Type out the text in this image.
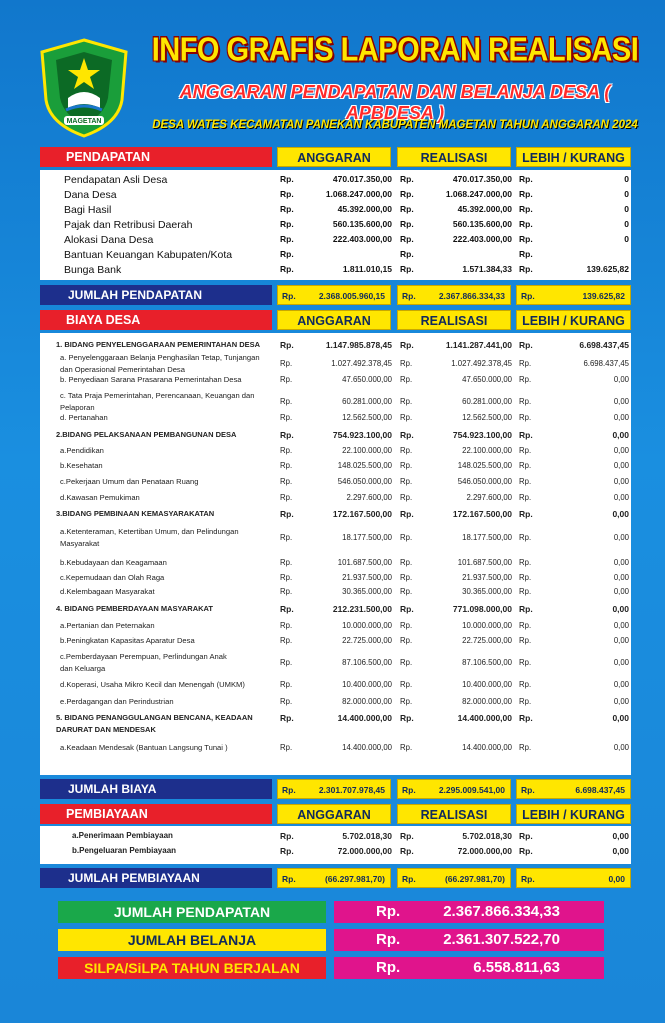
MAGETAN
INFO GRAFIS LAPORAN REALISASI
ANGGARAN PENDAPATAN DAN BELANJA DESA ( APBDESA )
DESA WATES KECAMATAN PANEKAN KABUPATEN MAGETAN TAHUN ANGGARAN 2024
PENDAPATAN	ANGGARAN	REALISASI	LEBIH / KURANG
Pendapatan Asli Desa	Rp.	470.017.350,00 Rp.	470.017.350,00 Rp.	0
Dana Desa	Rp.	1.068.247.000,00 Rp.	1.068.247.000,00 Rp.	0
Bagi Hasil	Rp.	45.392.000,00 Rp.	45.392.000,00 Rp.	0
Pajak dan Retribusi Daerah	Rp.	560.135.600,00 Rp.	560.135.600,00 Rp.	0
Alokasi Dana Desa	Rp.	222.403.000,00 Rp.	222.403.000,00 Rp.	0
Bantuan Keuangan Kabupaten/Kota	Rp.	Rp.	Rp.
Bunga Bank	Rp.	1.811.010,15 Rp.	1.571.384,33 Rp.	139.625,82
JUMLAH PENDAPATAN	Rp.	2.368.005.960,15 Rp.	2.367.866.334,33 Rp.	139.625,82
BIAYA DESA	ANGGARAN	REALISASI	LEBIH / KURANG
1. BIDANG PENYELENGGARAAN PEMERINTAHAN DESA	Rp.	1.147.985.878,45 Rp.	1.141.287.441,00 Rp.	6.698.437,45
a. Penyelenggaraan Belanja Penghasilan Tetap, Tunjangan
dan Operasional Pemerintahan Desa
Rp.	1.027.492.378,45 Rp.	1.027.492.378,45 Rp.	6.698.437,45
b. Penyediaan Sarana Prasarana Pemerintahan Desa	Rp.	47.650.000,00 Rp.	47.650.000,00 Rp.	0,00
c. Tata Praja Pemerintahan, Perencanaan, Keuangan dan
Pelaporan
Rp.	60.281.000,00 Rp.	60.281.000,00 Rp.	0,00
d. Pertanahan	Rp.	12.562.500,00 Rp.	12.562.500,00 Rp.	0,00
2.BIDANG PELAKSANAAN PEMBANGUNAN DESA	Rp.	754.923.100,00 Rp.	754.923.100,00 Rp.	0,00
a.Pendidikan	Rp.	22.100.000,00 Rp.	22.100.000,00 Rp.	0,00
b.Kesehatan	Rp.	148.025.500,00 Rp.	148.025.500,00 Rp.	0,00
c.Pekerjaan Umum dan Penataan Ruang	Rp.	546.050.000,00 Rp.	546.050.000,00 Rp.	0,00
d.Kawasan Pemukiman	Rp.	2.297.600,00 Rp.	2.297.600,00 Rp.	0,00
3.BIDANG PEMBINAAN KEMASYARAKATAN	Rp.	172.167.500,00 Rp.	172.167.500,00 Rp.	0,00
a.Ketenteraman, Ketertiban Umum, dan Pelindungan
Masyarakat
Rp.	18.177.500,00 Rp.	18.177.500,00 Rp.	0,00
b.Kebudayaan dan Keagamaan	Rp.	101.687.500,00 Rp.	101.687.500,00 Rp.	0,00
c.Kepemudaan dan Olah Raga	Rp.	21.937.500,00 Rp.	21.937.500,00 Rp.	0,00
d.Kelembagaan Masyarakat	Rp.	30.365.000,00 Rp.	30.365.000,00 Rp.	0,00
4. BIDANG PEMBERDAYAAN MASYARAKAT	Rp.	212.231.500,00 Rp.	771.098.000,00 Rp.	0,00
a.Pertanian dan Peternakan	Rp.	10.000.000,00 Rp.	10.000.000,00 Rp.	0,00
b.Peningkatan Kapasitas Aparatur Desa	Rp.	22.725.000,00 Rp.	22.725.000,00 Rp.	0,00
c.Pemberdayaan Perempuan, Perlindungan Anak
dan Keluarga
Rp.	87.106.500,00 Rp.	87.106.500,00 Rp.	0,00
d.Koperasi, Usaha Mikro Kecil dan Menengah (UMKM)	Rp.	10.400.000,00 Rp.	10.400.000,00 Rp.	0,00
e.Perdagangan dan Perindustrian	Rp.	82.000.000,00 Rp.	82.000.000,00 Rp.	0,00
5. BIDANG PENANGGULANGAN BENCANA, KEADAAN
DARURAT DAN MENDESAK
Rp.	14.400.000,00 Rp.	14.400.000,00 Rp.	0,00
a.Keadaan Mendesak (Bantuan Langsung Tunai )	Rp.	14.400.000,00 Rp.	14.400.000,00 Rp.	0,00
JUMLAH BIAYA	Rp.	2.301.707.978,45 Rp.	2.295.009.541,00 Rp.	6.698.437,45
PEMBIAYAAN	ANGGARAN	REALISASI	LEBIH / KURANG
a.Penerimaan Pembiayaan	Rp.	5.702.018,30 Rp.	5.702.018,30 Rp.	0,00
b.Pengeluaran Pembiayaan	Rp.	72.000.000,00 Rp.	72.000.000,00 Rp.	0,00
JUMLAH PEMBIAYAAN	Rp.	(66.297.981,70) Rp.	(66.297.981,70) Rp.	0,00
JUMLAH PENDAPATAN	Rp.	2.367.866.334,33
JUMLAH BELANJA	Rp.	2.361.307.522,70
SILPA/SiLPA TAHUN BERJALAN	Rp.	6.558.811,63
